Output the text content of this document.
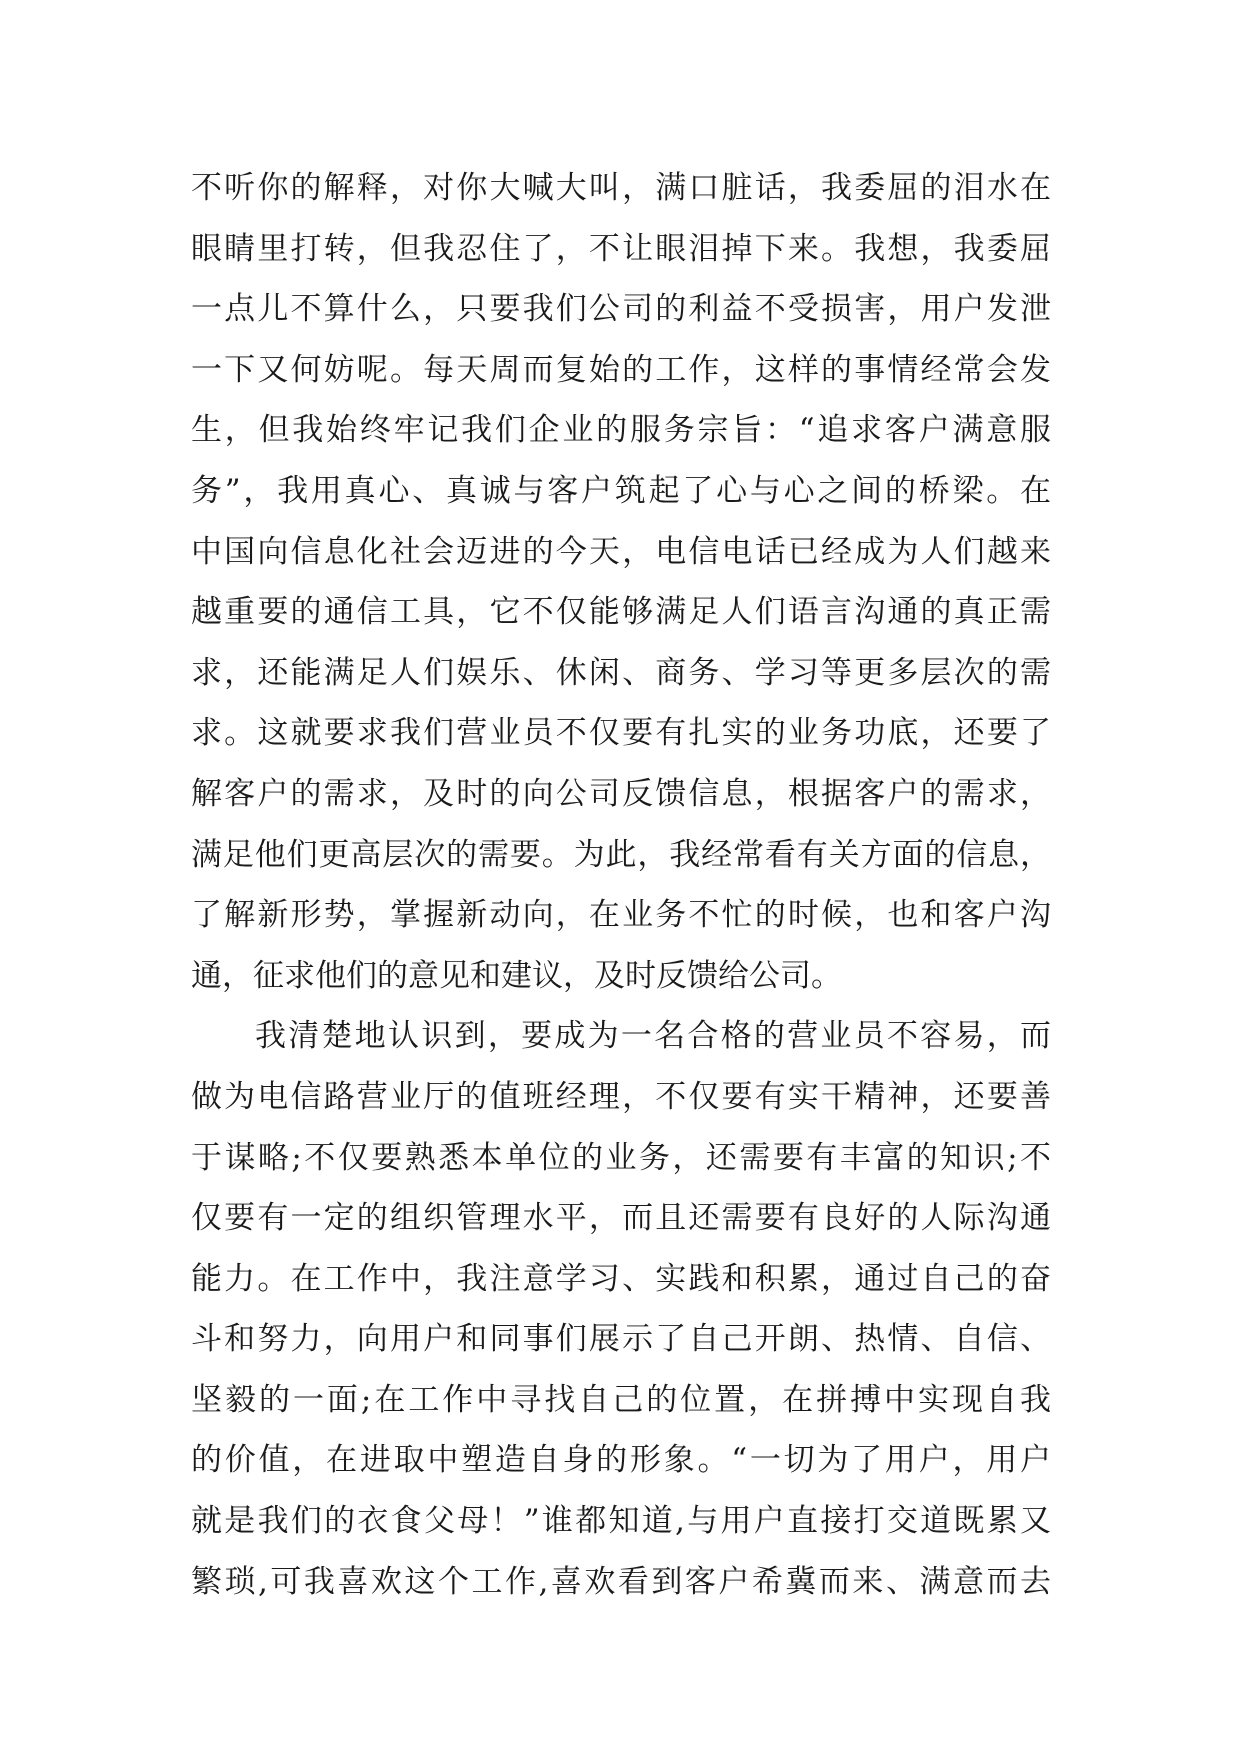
不听你的解释，对你大喊大叫，满口脏话，我委屈的泪水在
眼睛里打转，但我忍住了，不让眼泪掉下来。我想，我委屈
一点儿不算什么，只要我们公司的利益不受损害，用户发泄
一下又何妨呢。每天周而复始的工作，这样的事情经常会发
生，但我始终牢记我们企业的服务宗旨：“追求客户满意服
务”，我用真心、真诚与客户筑起了心与心之间的桥梁。在
中国向信息化社会迈进的今天，电信电话已经成为人们越来
越重要的通信工具，它不仅能够满足人们语言沟通的真正需
求，还能满足人们娱乐、休闲、商务、学习等更多层次的需
求。这就要求我们营业员不仅要有扎实的业务功底，还要了
解客户的需求，及时的向公司反馈信息，根据客户的需求，
满足他们更高层次的需要。为此，我经常看有关方面的信息，
了解新形势，掌握新动向，在业务不忙的时候，也和客户沟
通，征求他们的意见和建议，及时反馈给公司。
我清楚地认识到，要成为一名合格的营业员不容易，而
做为电信路营业厅的值班经理，不仅要有实干精神，还要善
于谋略;不仅要熟悉本单位的业务，还需要有丰富的知识;不
仅要有一定的组织管理水平，而且还需要有良好的人际沟通
能力。在工作中，我注意学习、实践和积累，通过自己的奋
斗和努力，向用户和同事们展示了自己开朗、热情、自信、
坚毅的一面;在工作中寻找自己的位置，在拼搏中实现自我
的价值，在进取中塑造自身的形象。“一切为了用户，用户
就是我们的衣食父母！”谁都知道,与用户直接打交道既累又
繁琐,可我喜欢这个工作,喜欢看到客户希冀而来、满意而去
